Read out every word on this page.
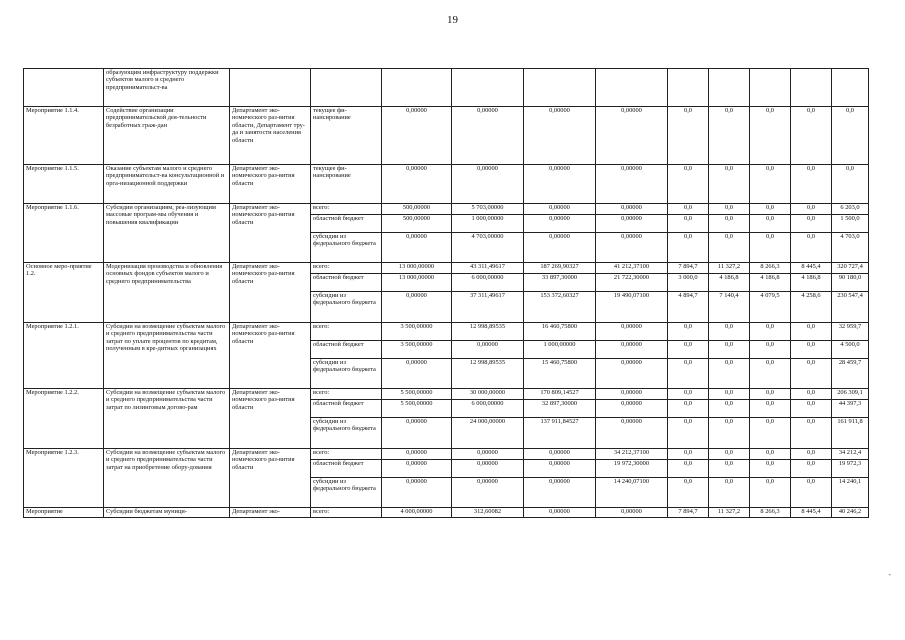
19
	образующим инфраструктуру поддержки субъектов малого и среднего предпринимательст-ва											
Мероприятие 1.1.4.	Содействие организации предпринимательской дея-тельности безработных граж-дан	Департамент эко-номического раз-вития области, Департамент тру-да и занятости населения области	текущее фи-нансирование	0,00000	0,00000	0,00000	0,00000	0,0	0,0	0,0	0,0	0,0
Мероприятие 1.1.5.	Оказание субъектам малого и среднего предпринимательст-ва консультационной и орга-низационной поддержки	Департамент эко-номического раз-вития области	текущее фи-нансирование	0,00000	0,00000	0,00000	0,00000	0,0	0,0	0,0	0,0	0,0
Мероприятие 1.1.6.	Субсидии организациям, реа-лизующим массовые програм-мы обучения и повышения квалификации	Департамент эко-номического раз-вития области	всего:	500,00000	5 703,00000	0,00000	0,00000	0,0	0,0	0,0	0,0	6 203,0
			областной бюджет	500,00000	1 000,00000	0,00000	0,00000	0,0	0,0	0,0	0,0	1 500,0
			субсидии из федерального бюджета	0,00000	4 703,00000	0,00000	0,00000	0,0	0,0	0,0	0,0	4 703,0
Основное меро-приятие 1.2.	Модернизация производства и обновления основных фондов субъектов малого и среднего предпринимательства	Департамент эко-номического раз-вития области	всего:	13 000,00000	43 311,49617	187 269,90327	41 212,37100	7 894,7	11 327,2	8 266,3	8 445,4	320 727,4
			областной бюджет	13 000,00000	6 000,00000	33 897,30000	21 722,30000	3 000,0	4 186,8	4 186,8	4 186,8	90 180,0
			субсидии из федерального бюджета	0,00000	37 311,49617	153 372,60327	19 490,07100	4 894,7	7 140,4	4 079,5	4 258,6	230 547,4
Мероприятие 1.2.1.	Субсидии на возмещение субъектам малого и среднего предпринимательства части затрат по уплате процентов по кредитам, полученным в кре-дитных организациях	Департамент эко-номического раз-вития области	всего:	3 500,00000	12 998,89535	16 460,75800	0,00000	0,0	0,0	0,0	0,0	32 959,7
			областной бюджет	3 500,00000	0,00000	1 000,00000	0,00000	0,0	0,0	0,0	0,0	4 500,0
			субсидии из федерального бюджета	0,00000	12 998,89535	15 460,75800	0,00000	0,0	0,0	0,0	0,0	28 459,7
Мероприятие 1.2.2.	Субсидии на возмещение субъектам малого и среднего предпринимательства части затрат по лизинговым догово-рам	Департамент эко-номического раз-вития области	всего:	5 500,00000	30 000,00000	170 809,14527	0,00000	0,0	0,0	0,0	0,0	206 309,1
			областной бюджет	5 500,00000	6 000,00000	32 897,30000	0,00000	0,0	0,0	0,0	0,0	44 397,3
			субсидии из федерального бюджета	0,00000	24 000,00000	137 911,84527	0,00000	0,0	0,0	0,0	0,0	161 911,8
Мероприятие 1.2.3.	Субсидии на возмещение субъектам малого и среднего предпринимательства части затрат на приобретение обору-дования	Департамент эко-номического раз-вития области	всего:	0,00000	0,00000	0,00000	34 212,37100	0,0	0,0	0,0	0,0	34 212,4
			областной бюджет	0,00000	0,00000	0,00000	19 972,30000	0,0	0,0	0,0	0,0	19 972,3
			субсидии из федерального бюджета	0,00000	0,00000	0,00000	14 240,07100	0,0	0,0	0,0	0,0	14 240,1
Мероприятие	Субсидии бюджетам муници-	Департамент эко-	всего:	4 000,00000	312,60082	0,00000	0,00000	7 894,7	11 327,2	8 266,3	8 445,4	40 246,2
-
